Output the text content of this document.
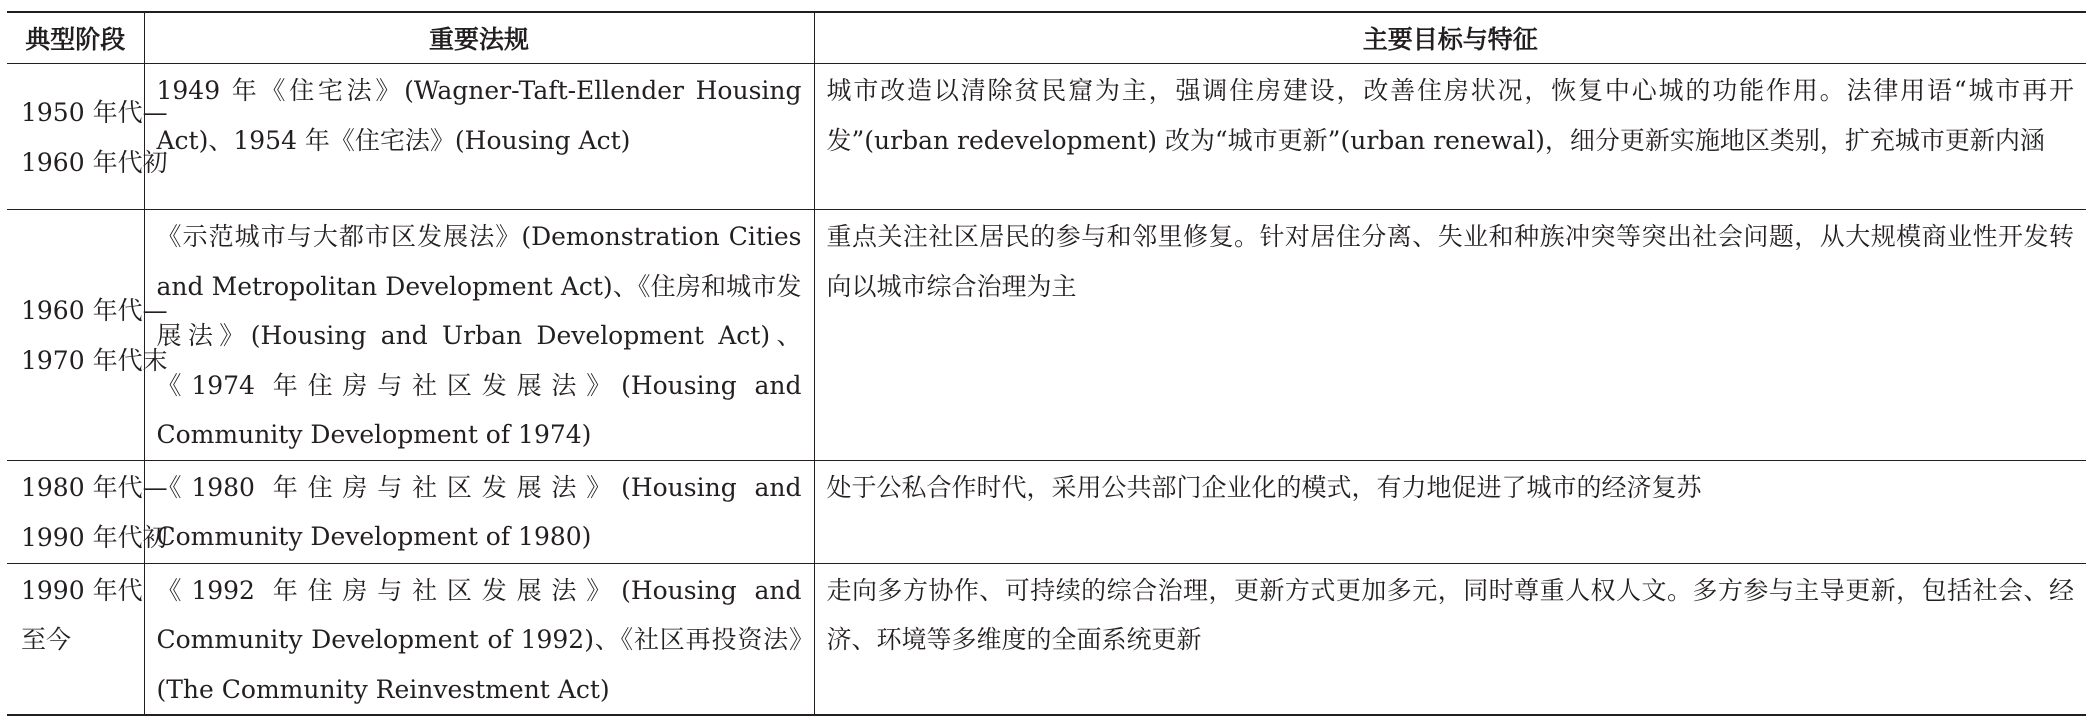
典型阶段	重要法规	主要目标与特征

1950 年代—
1960 年代初	1949 年《住宅法》(Wagner-Taft-Ellender Housing Act)、1954 年《住宅法》(Housing Act)	城市改造以清除贫民窟为主，强调住房建设，改善住房状况，恢复中心城的功能作用。法律用语“城市再开发”(urban redevelopment) 改为“城市更新”(urban renewal)，细分更新实施地区类别，扩充城市更新内涵

1960 年代—
1970 年代末	《示范城市与大都市区发展法》(Demonstration Cities and Metropolitan Development Act)、《住房和城市发展法》(Housing and Urban Development Act)、《1974 年住房与社区发展法》(Housing and Community Development of 1974)	重点关注社区居民的参与和邻里修复。针对居住分离、失业和种族冲突等突出社会问题，从大规模商业性开发转向以城市综合治理为主

1980 年代—
1990 年代初	《1980 年住房与社区发展法》(Housing and Community Development of 1980)	处于公私合作时代，采用公共部门企业化的模式，有力地促进了城市的经济复苏

1990 年代
至今	《1992 年住房与社区发展法》(Housing and Community Development of 1992)、《社区再投资法》(The Community Reinvestment Act)	走向多方协作、可持续的综合治理，更新方式更加多元，同时尊重人权人文。多方参与主导更新，包括社会、经济、环境等多维度的全面系统更新
